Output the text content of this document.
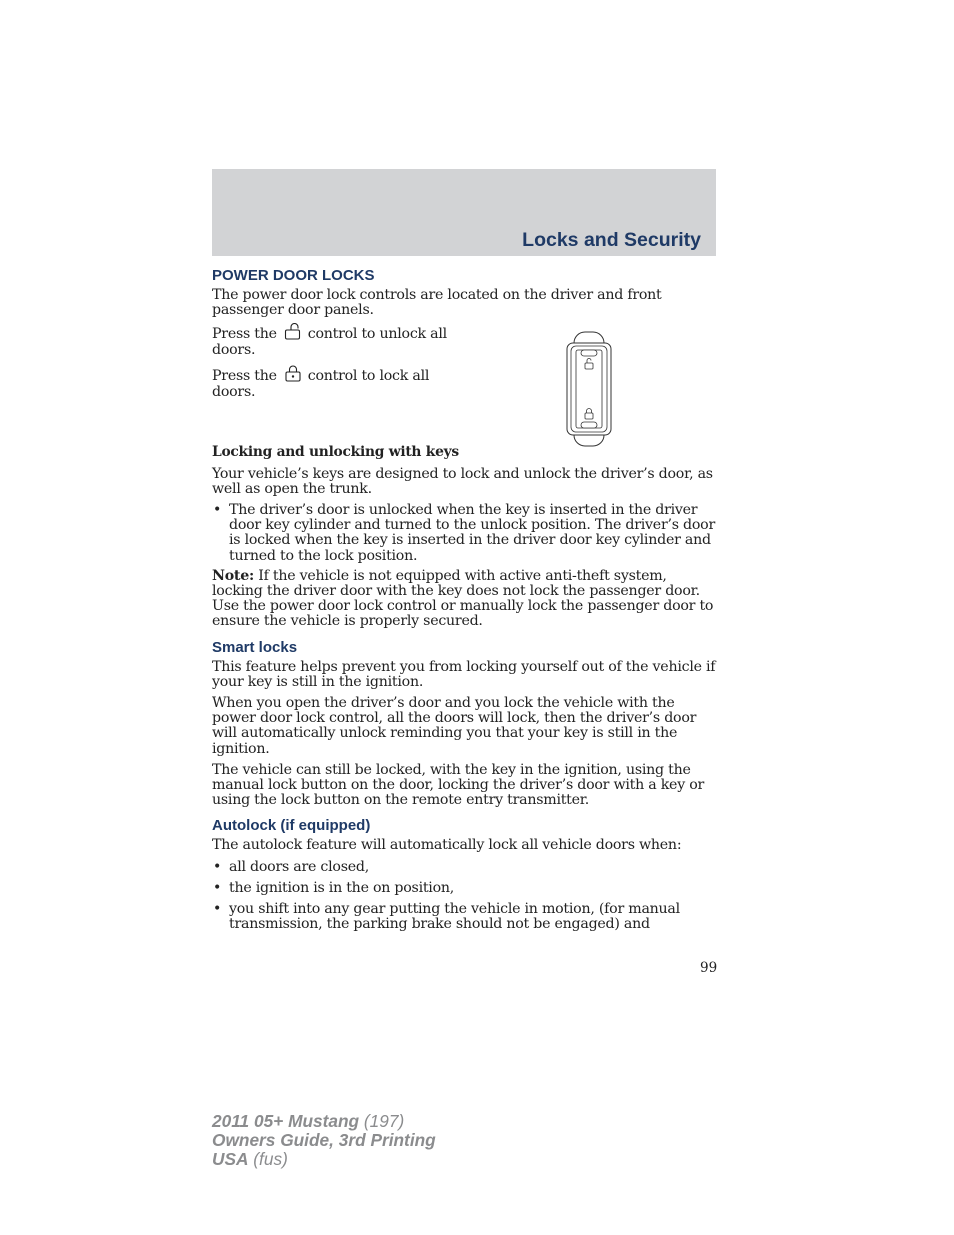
Locks and Security
POWER DOOR LOCKS

The power door lock controls are located on the driver and front passenger door panels.

Press the control to unlock all
doors.
Press the control to lock all
doors.
Locking and unlocking with keys

Your vehicle’s keys are designed to lock and unlock the driver’s door, as well as open the trunk.

• The driver’s door is unlocked when the key is inserted in the driver door key cylinder and turned to the unlock position. The driver’s door is locked when the key is inserted in the driver door key cylinder and turned to the lock position.

Note: If the vehicle is not equipped with active anti-theft system, locking the driver door with the key does not lock the passenger door. Use the power door lock control or manually lock the passenger door to ensure the vehicle is properly secured.

Smart locks

This feature helps prevent you from locking yourself out of the vehicle if your key is still in the ignition.

When you open the driver’s door and you lock the vehicle with the power door lock control, all the doors will lock, then the driver’s door will automatically unlock reminding you that your key is still in the ignition.

The vehicle can still be locked, with the key in the ignition, using the manual lock button on the door, locking the driver’s door with a key or using the lock button on the remote entry transmitter.

Autolock (if equipped)

The autolock feature will automatically lock all vehicle doors when:

• all doors are closed,
• the ignition is in the on position,
• you shift into any gear putting the vehicle in motion, (for manual transmission, the parking brake should not be engaged) and
99
2011 05+ Mustang (197)
Owners Guide, 3rd Printing
USA (fus)
